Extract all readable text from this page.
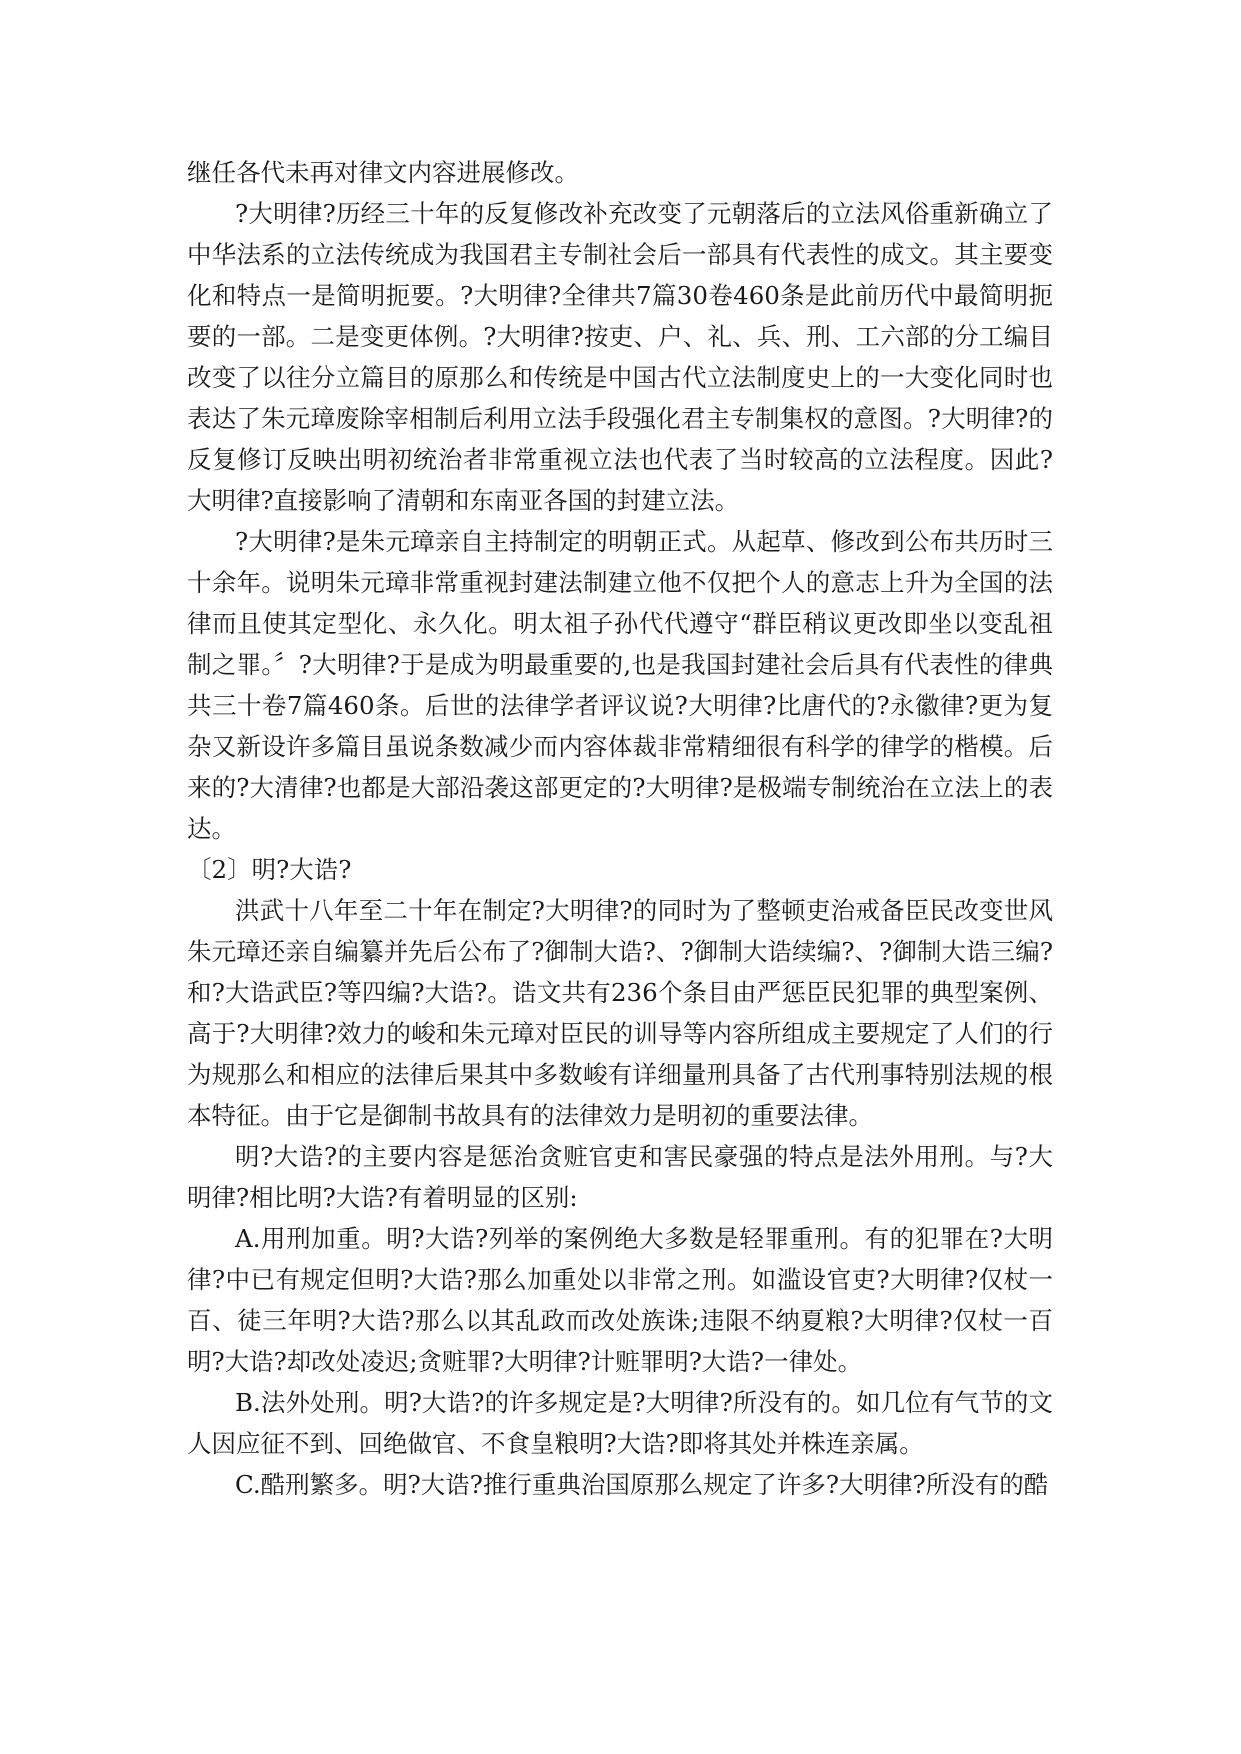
继任各代未再对律文内容进展修改。

?大明律?历经三十年的反复修改补充改变了元朝落后的立法风俗重新确立了中华法系的立法传统成为我国君主专制社会后一部具有代表性的成文。其主要变化和特点一是简明扼要。?大明律?全律共7篇30卷460条是此前历代中最简明扼要的一部。二是变更体例。?大明律?按吏、户、礼、兵、刑、工六部的分工编目改变了以往分立篇目的原那么和传统是中国古代立法制度史上的一大变化同时也表达了朱元璋废除宰相制后利用立法手段强化君主专制集权的意图。?大明律?的反复修订反映出明初统治者非常重视立法也代表了当时较高的立法程度。因此?大明律?直接影响了清朝和东南亚各国的封建立法。

?大明律?是朱元璋亲自主持制定的明朝正式。从起草、修改到公布共历时三十余年。说明朱元璋非常重视封建法制建立他不仅把个人的意志上升为全国的法律而且使其定型化、永久化。明太祖子孙代代遵守“群臣稍议更改即坐以变乱祖制之罪。〞?大明律?于是成为明最重要的,也是我国封建社会后具有代表性的律典共三十卷7篇460条。后世的法律学者评议说?大明律?比唐代的?永徽律?更为复杂又新设许多篇目虽说条数减少而内容体裁非常精细很有科学的律学的楷模。后来的?大清律?也都是大部沿袭这部更定的?大明律?是极端专制统治在立法上的表达。

〔2〕明?大诰?

洪武十八年至二十年在制定?大明律?的同时为了整顿吏治戒备臣民改变世风朱元璋还亲自编纂并先后公布了?御制大诰?、?御制大诰续编?、?御制大诰三编?和?大诰武臣?等四编?大诰?。诰文共有236个条目由严惩臣民犯罪的典型案例、高于?大明律?效力的峻和朱元璋对臣民的训导等内容所组成主要规定了人们的行为规那么和相应的法律后果其中多数峻有详细量刑具备了古代刑事特别法规的根本特征。由于它是御制书故具有的法律效力是明初的重要法律。

明?大诰?的主要内容是惩治贪赃官吏和害民豪强的特点是法外用刑。与?大明律?相比明?大诰?有着明显的区别:

A.用刑加重。明?大诰?列举的案例绝大多数是轻罪重刑。有的犯罪在?大明律?中已有规定但明?大诰?那么加重处以非常之刑。如滥设官吏?大明律?仅杖一百、徒三年明?大诰?那么以其乱政而改处族诛;违限不纳夏粮?大明律?仅杖一百明?大诰?却改处凌迟;贪赃罪?大明律?计赃罪明?大诰?一律处。

B.法外处刑。明?大诰?的许多规定是?大明律?所没有的。如几位有气节的文人因应征不到、回绝做官、不食皇粮明?大诰?即将其处并株连亲属。

C.酷刑繁多。明?大诰?推行重典治国原那么规定了许多?大明律?所没有的酷
